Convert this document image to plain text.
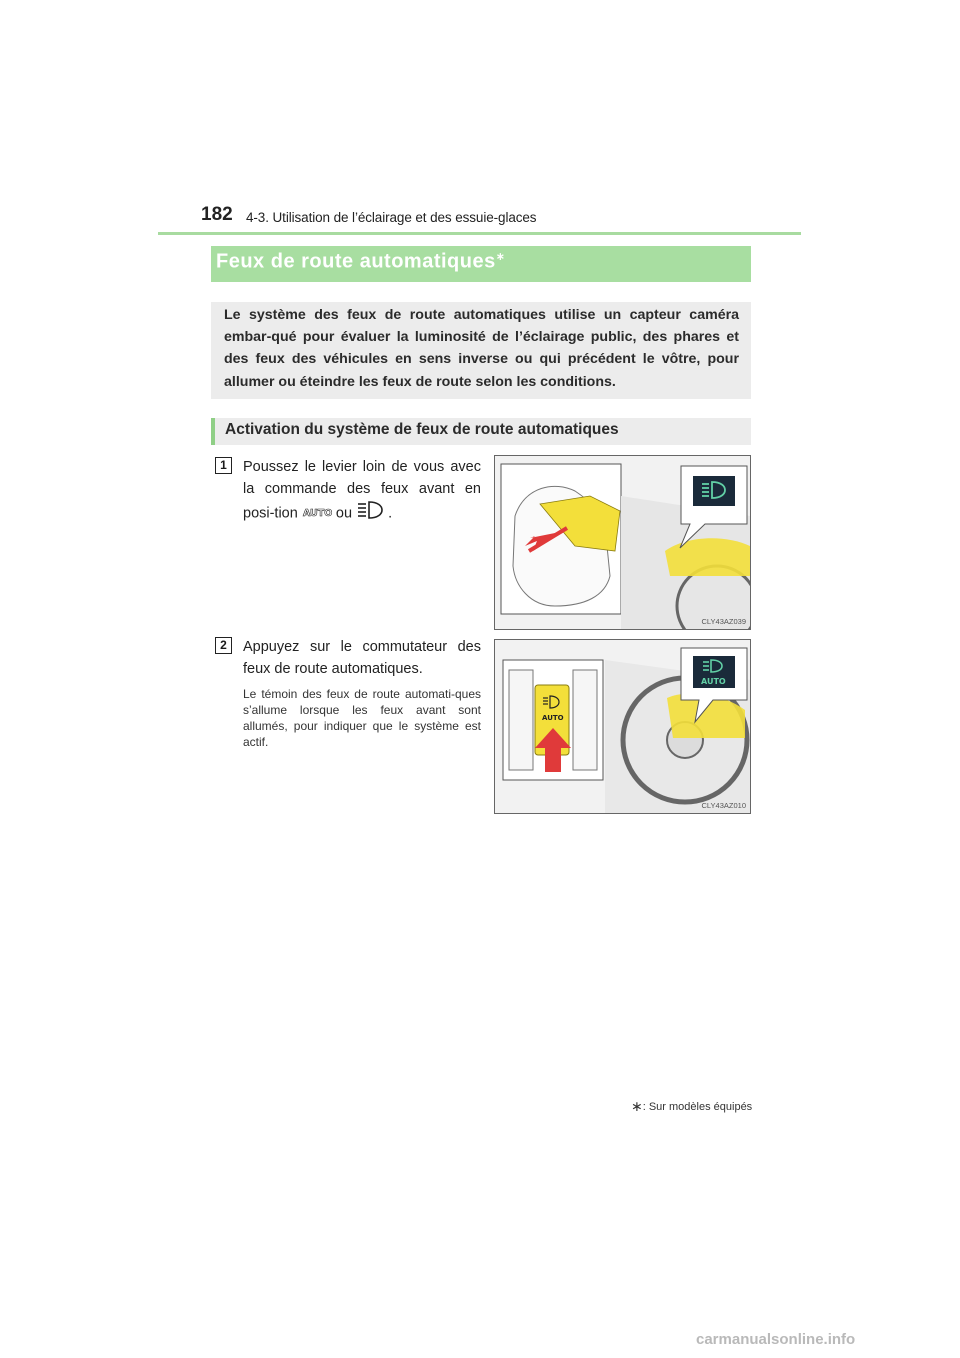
182 4-3. Utilisation de l’éclairage et des essuie-glaces
Feux de route automatiques∗
Le système des feux de route automatiques utilise un capteur caméra embar-qué pour évaluer la luminosité de l’éclairage public, des phares et des feux des véhicules en sens inverse ou qui précédent le vôtre, pour allumer ou éteindre les feux de route selon les conditions.
Activation du système de feux de route automatiques
1	Poussez le levier loin de vous avec la commande des feux avant en posi-tion AUTO ou .
CLY43AZ039
2	Appuyez sur le commutateur des feux de route automatiques.
Le témoin des feux de route automati-ques s’allume lorsque les feux avant sont allumés, pour indiquer que le système est actif.
AUTO
AUTO
CLY43AZ010
∗: Sur modèles équipés
carmanualsonline.info
